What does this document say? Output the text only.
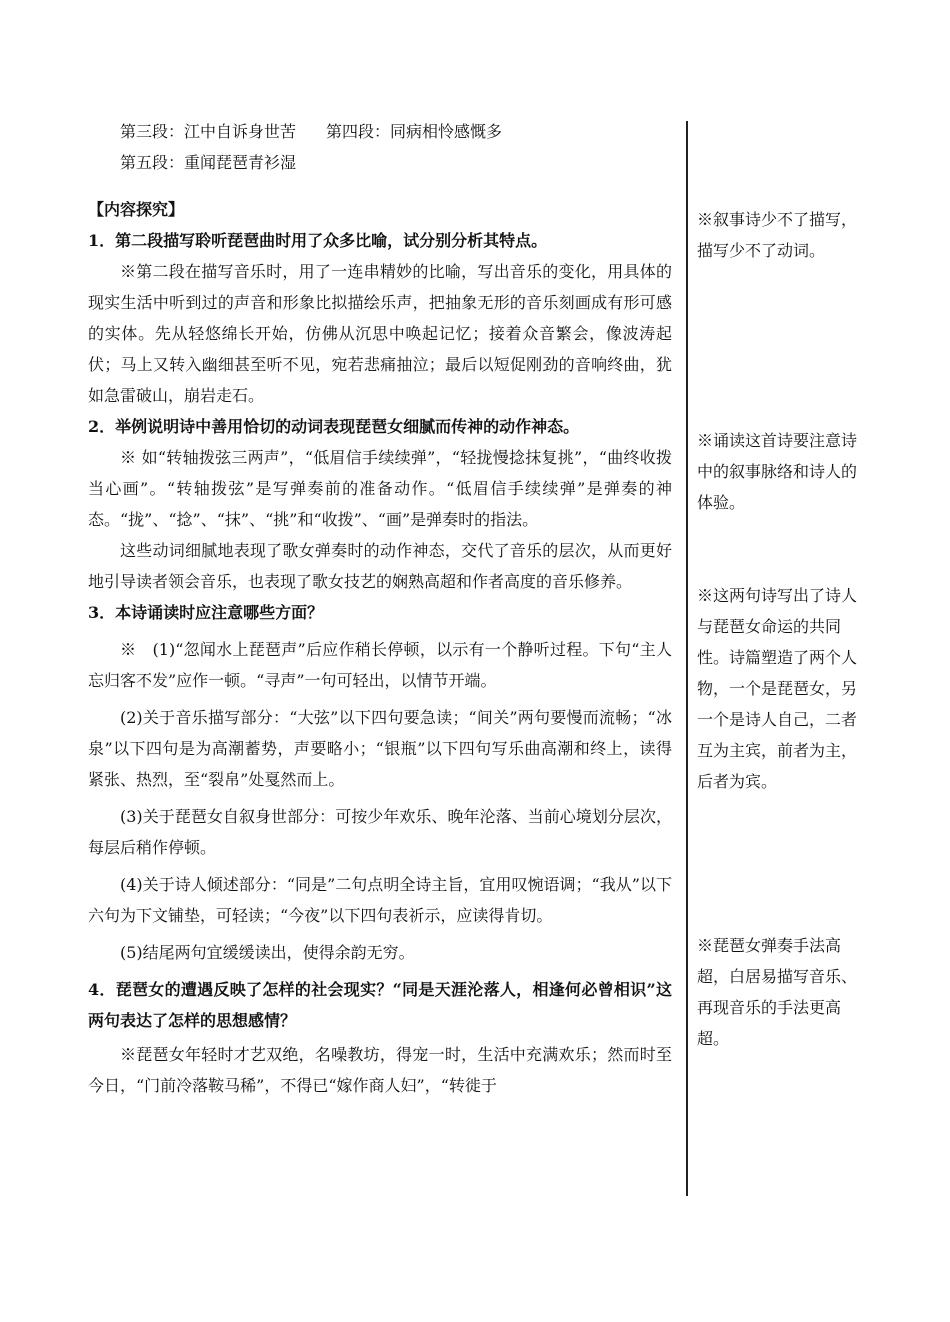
第三段：江中自诉身世苦 第四段：同病相怜感慨多

第五段：重闻琵琶青衫湿

【内容探究】

1．第二段描写聆听琵琶曲时用了众多比喻，试分别分析其特点。

※第二段在描写音乐时，用了一连串精妙的比喻，写出音乐的变化，用具体的现实生活中听到过的声音和形象比拟描绘乐声，把抽象无形的音乐刻画成有形可感的实体。先从轻悠绵长开始，仿佛从沉思中唤起记忆；接着众音繁会，像波涛起伏；马上又转入幽细甚至听不见，宛若悲痛抽泣；最后以短促刚劲的音响终曲，犹如急雷破山，崩岩走石。

2．举例说明诗中善用恰切的动词表现琵琶女细腻而传神的动作神态。

※ 如“转轴拨弦三两声”，“低眉信手续续弹”，“轻拢慢捻抹复挑”，“曲终收拨当心画”。“转轴拨弦”是写弹奏前的准备动作。“低眉信手续续弹”是弹奏的神态。“拢”、“捻”、“抹”、“挑”和“收拨”、“画”是弹奏时的指法。

这些动词细腻地表现了歌女弹奏时的动作神态，交代了音乐的层次，从而更好地引导读者领会音乐，也表现了歌女技艺的娴熟高超和作者高度的音乐修养。

3．本诗诵读时应注意哪些方面？

※　(1)“忽闻水上琵琶声”后应作稍长停顿，以示有一个静听过程。下句“主人忘归客不发”应作一顿。“寻声”一句可轻出，以情节开端。

(2)关于音乐描写部分：“大弦”以下四句要急读；“间关”两句要慢而流畅；“冰泉”以下四句是为高潮蓄势，声要略小；“银瓶”以下四句写乐曲高潮和终上，读得紧张、热烈，至“裂帛”处戛然而上。

(3)关于琵琶女自叙身世部分：可按少年欢乐、晚年沦落、当前心境划分层次，每层后稍作停顿。

(4)关于诗人倾述部分：“同是”二句点明全诗主旨，宜用叹惋语调；“我从”以下六句为下文铺垫，可轻读；“今夜”以下四句表祈示，应读得肯切。

(5)结尾两句宜缓缓读出，使得余韵无穷。

4．琵琶女的遭遇反映了怎样的社会现实？“同是天涯沦落人，相逢何必曾相识”这两句表达了怎样的思想感情？

※琵琶女年轻时才艺双绝，名噪教坊，得宠一时，生活中充满欢乐；然而时至今日，“门前冷落鞍马稀”，不得已“嫁作商人妇”，“转徙于

※叙事诗少不了描写，描写少不了动词。

※诵读这首诗要注意诗中的叙事脉络和诗人的体验。

※这两句诗写出了诗人与琵琶女命运的共同性。诗篇塑造了两个人物，一个是琵琶女，另一个是诗人自己，二者互为主宾，前者为主，后者为宾。

※琵琶女弹奏手法高超，白居易描写音乐、再现音乐的手法更高超。
